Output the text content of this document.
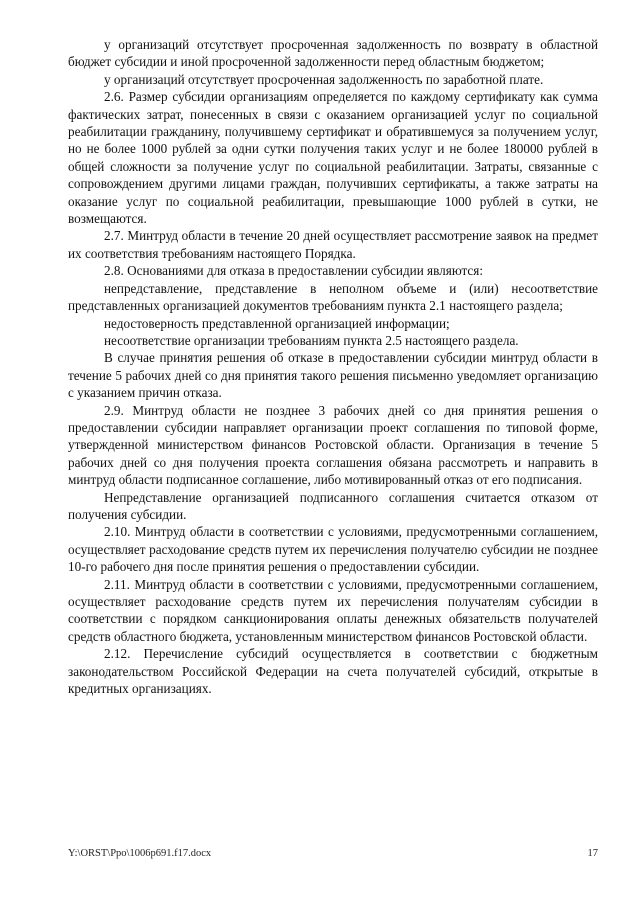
у организаций отсутствует просроченная задолженность по возврату в областной бюджет субсидии и иной просроченной задолженности перед областным бюджетом;

у организаций отсутствует просроченная задолженность по заработной плате.

2.6. Размер субсидии организациям определяется по каждому сертификату как сумма фактических затрат, понесенных в связи с оказанием организацией услуг по социальной реабилитации гражданину, получившему сертификат и обратившемуся за получением услуг, но не более 1000 рублей за одни сутки получения таких услуг и не более 180000 рублей в общей сложности за получение услуг по социальной реабилитации. Затраты, связанные с сопровождением другими лицами граждан, получивших сертификаты, а также затраты на оказание услуг по социальной реабилитации, превышающие 1000 рублей в сутки, не возмещаются.

2.7. Минтруд области в течение 20 дней осуществляет рассмотрение заявок на предмет их соответствия требованиям настоящего Порядка.

2.8. Основаниями для отказа в предоставлении субсидии являются:

непредставление, представление в неполном объеме и (или) несоответствие представленных организацией документов требованиям пункта 2.1 настоящего раздела;

недостоверность представленной организацией информации;

несоответствие организации требованиям пункта 2.5 настоящего раздела.

В случае принятия решения об отказе в предоставлении субсидии минтруд области в течение 5 рабочих дней со дня принятия такого решения письменно уведомляет организацию с указанием причин отказа.

2.9. Минтруд области не позднее 3 рабочих дней со дня принятия решения о предоставлении субсидии направляет организации проект соглашения по типовой форме, утвержденной министерством финансов Ростовской области. Организация в течение 5 рабочих дней со дня получения проекта соглашения обязана рассмотреть и направить в минтруд области подписанное соглашение, либо мотивированный отказ от его подписания.

Непредставление организацией подписанного соглашения считается отказом от получения субсидии.

2.10. Минтруд области в соответствии с условиями, предусмотренными соглашением, осуществляет расходование средств путем их перечисления получателю субсидии не позднее 10-го рабочего дня после принятия решения о предоставлении субсидии.

2.11. Минтруд области в соответствии с условиями, предусмотренными соглашением, осуществляет расходование средств путем их перечисления получателям субсидии в соответствии с порядком санкционирования оплаты денежных обязательств получателей средств областного бюджета, установленным министерством финансов Ростовской области.

2.12. Перечисление субсидий осуществляется в соответствии с бюджетным законодательством Российской Федерации на счета получателей субсидий, открытые в кредитных организациях.

Y:\ORST\Ppo\1006p691.f17.docx	17
